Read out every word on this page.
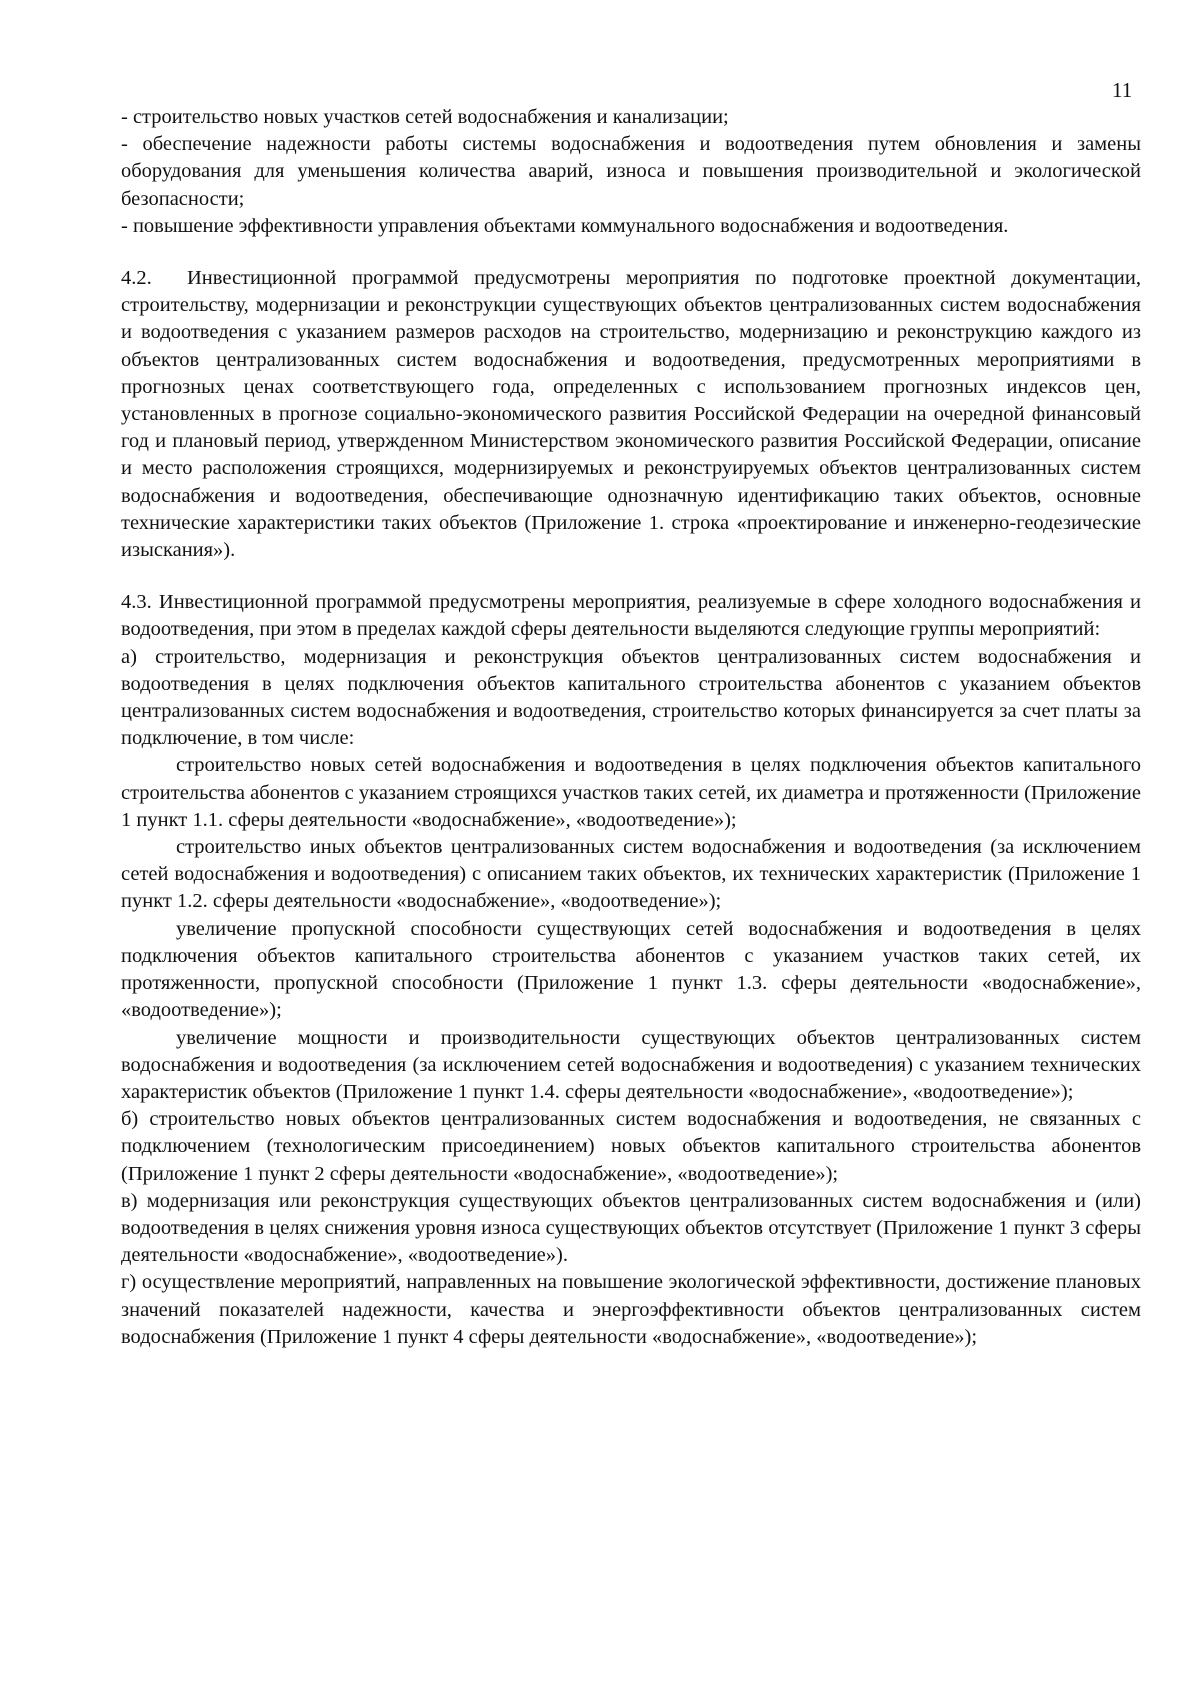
11

- строительство новых участков сетей водоснабжения и канализации;

- обеспечение надежности работы системы водоснабжения и водоотведения путем обновления и замены оборудования для уменьшения количества аварий, износа и повышения производительной и экологической безопасности;

- повышение эффективности управления объектами коммунального водоснабжения и водоотведения.

4.2. Инвестиционной программой предусмотрены мероприятия по подготовке проектной документации, строительству, модернизации и реконструкции существующих объектов централизованных систем водоснабжения и водоотведения с указанием размеров расходов на строительство, модернизацию и реконструкцию каждого из объектов централизованных систем водоснабжения и водоотведения, предусмотренных мероприятиями в прогнозных ценах соответствующего года, определенных с использованием прогнозных индексов цен, установленных в прогнозе социально-экономического развития Российской Федерации на очередной финансовый год и плановый период, утвержденном Министерством экономического развития Российской Федерации, описание и место расположения строящихся, модернизируемых и реконструируемых объектов централизованных систем водоснабжения и водоотведения, обеспечивающие однозначную идентификацию таких объектов, основные технические характеристики таких объектов (Приложение 1. строка «проектирование и инженерно-геодезические изыскания»).

4.3. Инвестиционной программой предусмотрены мероприятия, реализуемые в сфере холодного водоснабжения и водоотведения, при этом в пределах каждой сферы деятельности выделяются следующие группы мероприятий:

а) строительство, модернизация и реконструкция объектов централизованных систем водоснабжения и водоотведения в целях подключения объектов капитального строительства абонентов с указанием объектов централизованных систем водоснабжения и водоотведения, строительство которых финансируется за счет платы за подключение, в том числе:

строительство новых сетей водоснабжения и водоотведения в целях подключения объектов капитального строительства абонентов с указанием строящихся участков таких сетей, их диаметра и протяженности (Приложение 1 пункт 1.1. сферы деятельности «водоснабжение», «водоотведение»);

строительство иных объектов централизованных систем водоснабжения и водоотведения (за исключением сетей водоснабжения и водоотведения) с описанием таких объектов, их технических характеристик (Приложение 1 пункт 1.2. сферы деятельности «водоснабжение», «водоотведение»);

увеличение пропускной способности существующих сетей водоснабжения и водоотведения в целях подключения объектов капитального строительства абонентов с указанием участков таких сетей, их протяженности, пропускной способности (Приложение 1 пункт 1.3. сферы деятельности «водоснабжение», «водоотведение»);

увеличение мощности и производительности существующих объектов централизованных систем водоснабжения и водоотведения (за исключением сетей водоснабжения и водоотведения) с указанием технических характеристик объектов (Приложение 1 пункт 1.4. сферы деятельности «водоснабжение», «водоотведение»);

б) строительство новых объектов централизованных систем водоснабжения и водоотведения, не связанных с подключением (технологическим присоединением) новых объектов капитального строительства абонентов (Приложение 1 пункт 2 сферы деятельности «водоснабжение», «водоотведение»);

в) модернизация или реконструкция существующих объектов централизованных систем водоснабжения и (или) водоотведения в целях снижения уровня износа существующих объектов отсутствует (Приложение 1 пункт 3 сферы деятельности «водоснабжение», «водоотведение»).

г) осуществление мероприятий, направленных на повышение экологической эффективности, достижение плановых значений показателей надежности, качества и энергоэффективности объектов централизованных систем водоснабжения (Приложение 1 пункт 4 сферы деятельности «водоснабжение», «водоотведение»);
